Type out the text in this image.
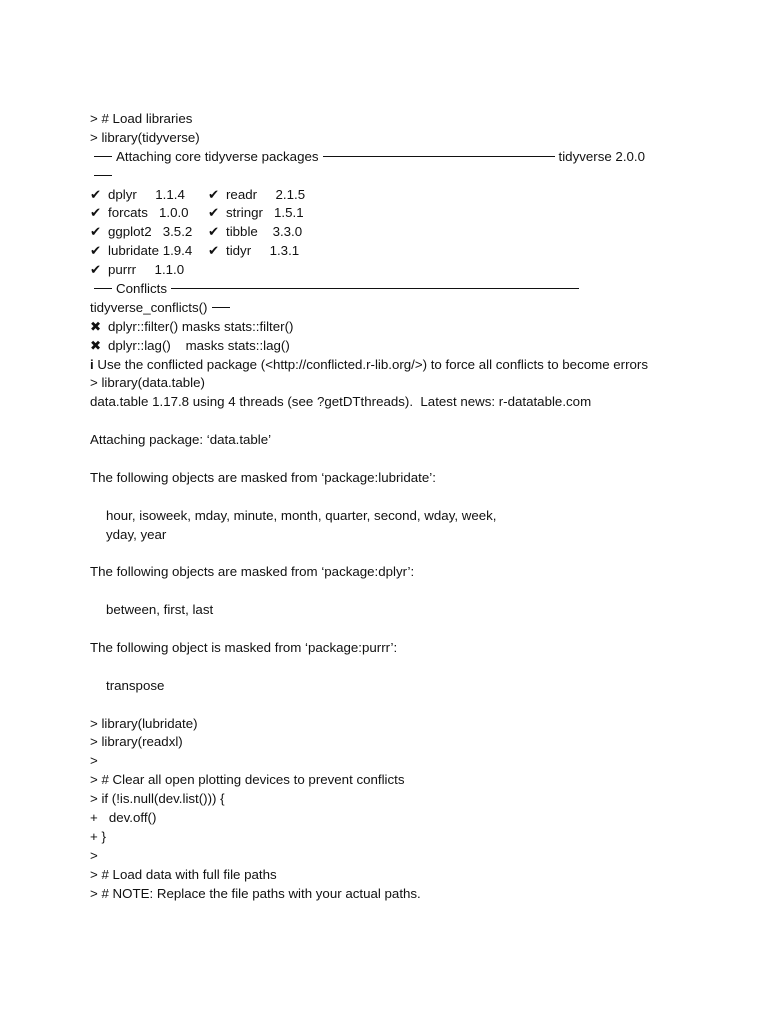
> # Load libraries
> library(tidyverse)
Attaching core tidyverse packages	tidyverse 2.0.0
✔ dplyr     1.1.4	✔ readr     2.1.5
✔ forcats   1.0.0	✔ stringr   1.5.1
✔ ggplot2   3.5.2	✔ tibble    3.3.0
✔ lubridate 1.9.4	✔ tidyr     1.3.1
✔ purrr     1.1.0
Conflicts
tidyverse_conflicts()
✖ dplyr::filter() masks stats::filter()
✖ dplyr::lag()    masks stats::lag()
i Use the conflicted package (<http://conflicted.r-lib.org/>) to force all conflicts to become errors
> library(data.table)
data.table 1.17.8 using 4 threads (see ?getDTthreads).  Latest news: r-datatable.com
Attaching package: ‘data.table’
The following objects are masked from ‘package:lubridate’:
hour, isoweek, mday, minute, month, quarter, second, wday, week,
yday, year
The following objects are masked from ‘package:dplyr’:
between, first, last
The following object is masked from ‘package:purrr’:
transpose
> library(lubridate)
> library(readxl)
>
> # Clear all open plotting devices to prevent conflicts
> if (!is.null(dev.list())) {
+   dev.off()
+ }
>
> # Load data with full file paths
> # NOTE: Replace the file paths with your actual paths.
